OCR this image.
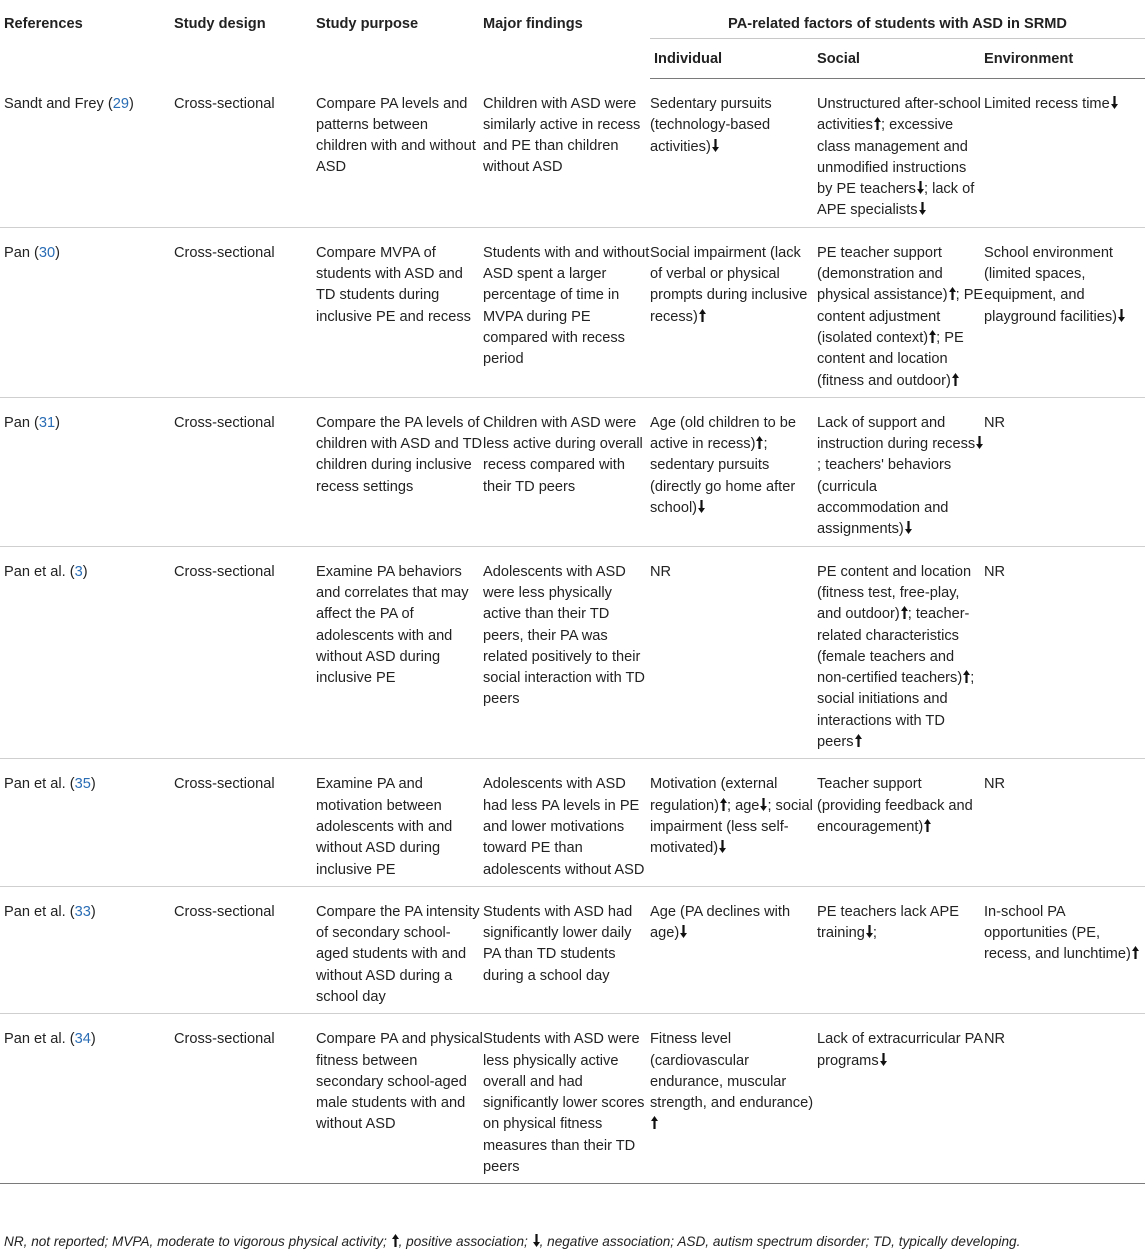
References	Study design	Study purpose	Major findings	PA-related factors of students with ASD in SRMD		
				Individual	Social	Environment
Sandt and Frey (29)	Cross-sectional	Compare PA levels and patterns between children with and without ASD	Children with ASD were similarly active in recess and PE than children without ASD	Sedentary pursuits (technology-based activities)	Unstructured after-school activities ; excessive class management and unmodified instructions by PE teachers ; lack of APE specialists	Limited recess time
Pan (30)	Cross-sectional	Compare MVPA of students with ASD and TD students during inclusive PE and recess	Students with and without ASD spent a larger percentage of time in MVPA during PE compared with recess period	Social impairment (lack of verbal or physical prompts during inclusive recess)	PE teacher support (demonstration and physical assistance) ; PE content adjustment (isolated context) ; PE content and location (fitness and outdoor)	School environment (limited spaces, equipment, and playground facilities)
Pan (31)	Cross-sectional	Compare the PA levels of children with ASD and TD children during inclusive recess settings	Children with ASD were less active during overall recess compared with their TD peers	Age (old children to be active in recess) ; sedentary pursuits (directly go home after school)	Lack of support and instruction during recess; teachers' behaviors (curricula accommodation and assignments)	NR
Pan et al. (3)	Cross-sectional	Examine PA behaviors and correlates that may affect the PA of adolescents with and without ASD during inclusive PE	Adolescents with ASD were less physically active than their TD peers, their PA was related positively to their social interaction with TD peers	NR	PE content and location (fitness test, free-play, and outdoor) ; teacher-related characteristics (female teachers and non-certified teachers) ; social initiations and interactions with TD peers	NR
Pan et al. (35)	Cross-sectional	Examine PA and motivation between adolescents with and without ASD during inclusive PE	Adolescents with ASD had less PA levels in PE and lower motivations toward PE than adolescents without ASD	Motivation (external regulation) ; age ; social impairment (less self-motivated)	Teacher support (providing feedback and encouragement)	NR
Pan et al. (33)	Cross-sectional	Compare the PA intensity of secondary school-aged students with and without ASD during a school day	Students with ASD had significantly lower daily PA than TD students during a school day	Age (PA declines with age)	PE teachers lack APE training ;	In-school PA opportunities (PE, recess, and lunchtime)
Pan et al. (34)	Cross-sectional	Compare PA and physical fitness between secondary school-aged male students with and without ASD	Students with ASD were less physically active overall and had significantly lower scores on physical fitness measures than their TD peers	Fitness level (cardiovascular endurance, muscular strength, and endurance)	Lack of extracurricular PA programs	NR
NR, not reported; MVPA, moderate to vigorous physical activity; , positive association; , negative association; ASD, autism spectrum disorder; TD, typically developing.
